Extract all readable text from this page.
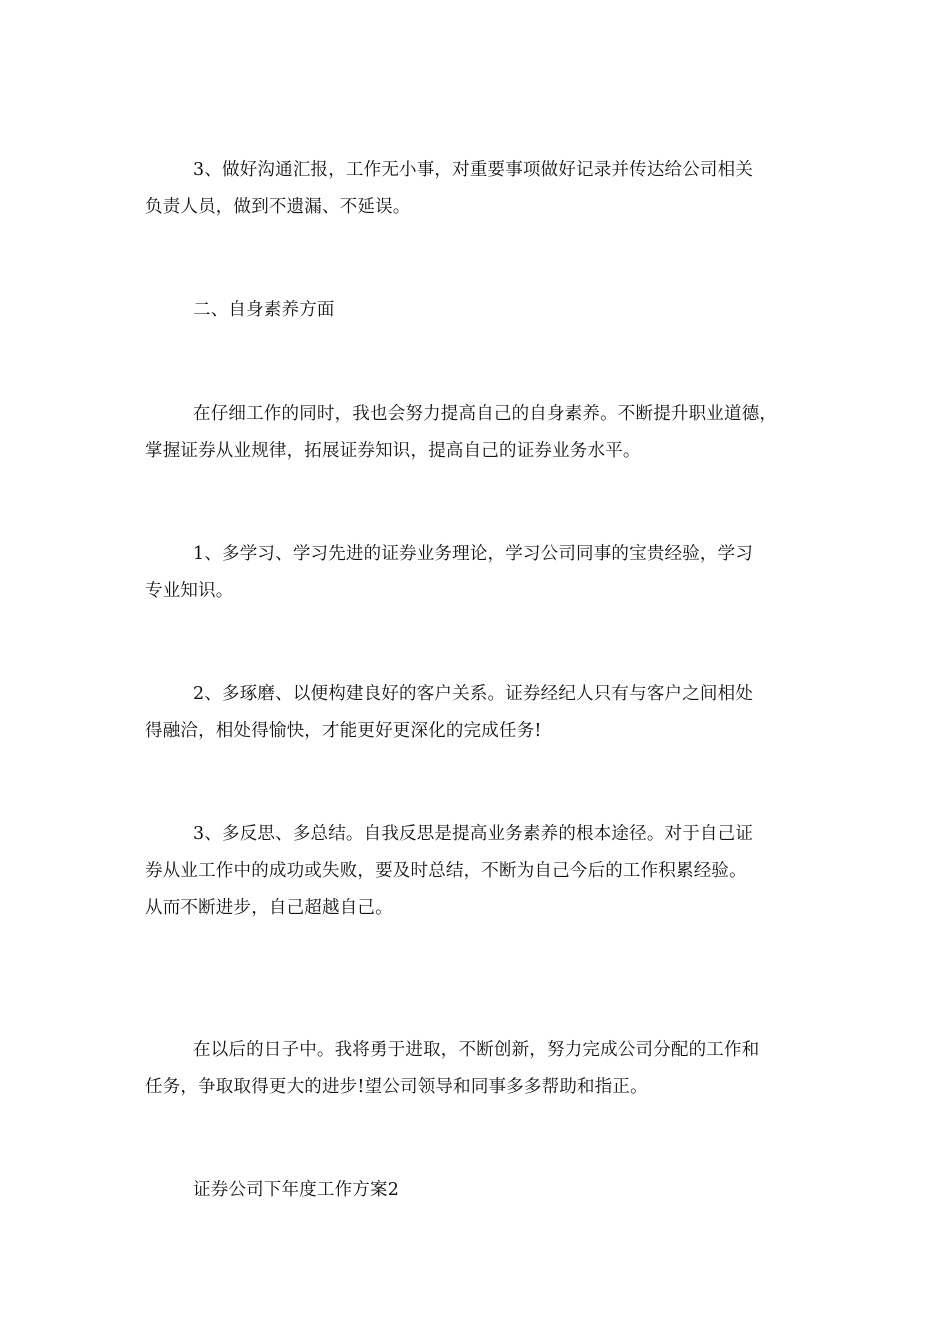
3、做好沟通汇报，工作无小事，对重要事项做好记录并传达给公司相关
负责人员，做到不遗漏、不延误。
二、自身素养方面
在仔细工作的同时，我也会努力提高自己的自身素养。不断提升职业道德，
掌握证券从业规律，拓展证券知识，提高自己的证券业务水平。
1、多学习、学习先进的证券业务理论，学习公司同事的宝贵经验，学习
专业知识。
2、多琢磨、以便构建良好的客户关系。证券经纪人只有与客户之间相处
得融洽，相处得愉快，才能更好更深化的完成任务!
3、多反思、多总结。自我反思是提高业务素养的根本途径。对于自己证
券从业工作中的成功或失败，要及时总结，不断为自己今后的工作积累经验。
从而不断进步，自己超越自己。
在以后的日子中。我将勇于进取，不断创新，努力完成公司分配的工作和
任务，争取取得更大的进步!望公司领导和同事多多帮助和指正。
证券公司下年度工作方案2
